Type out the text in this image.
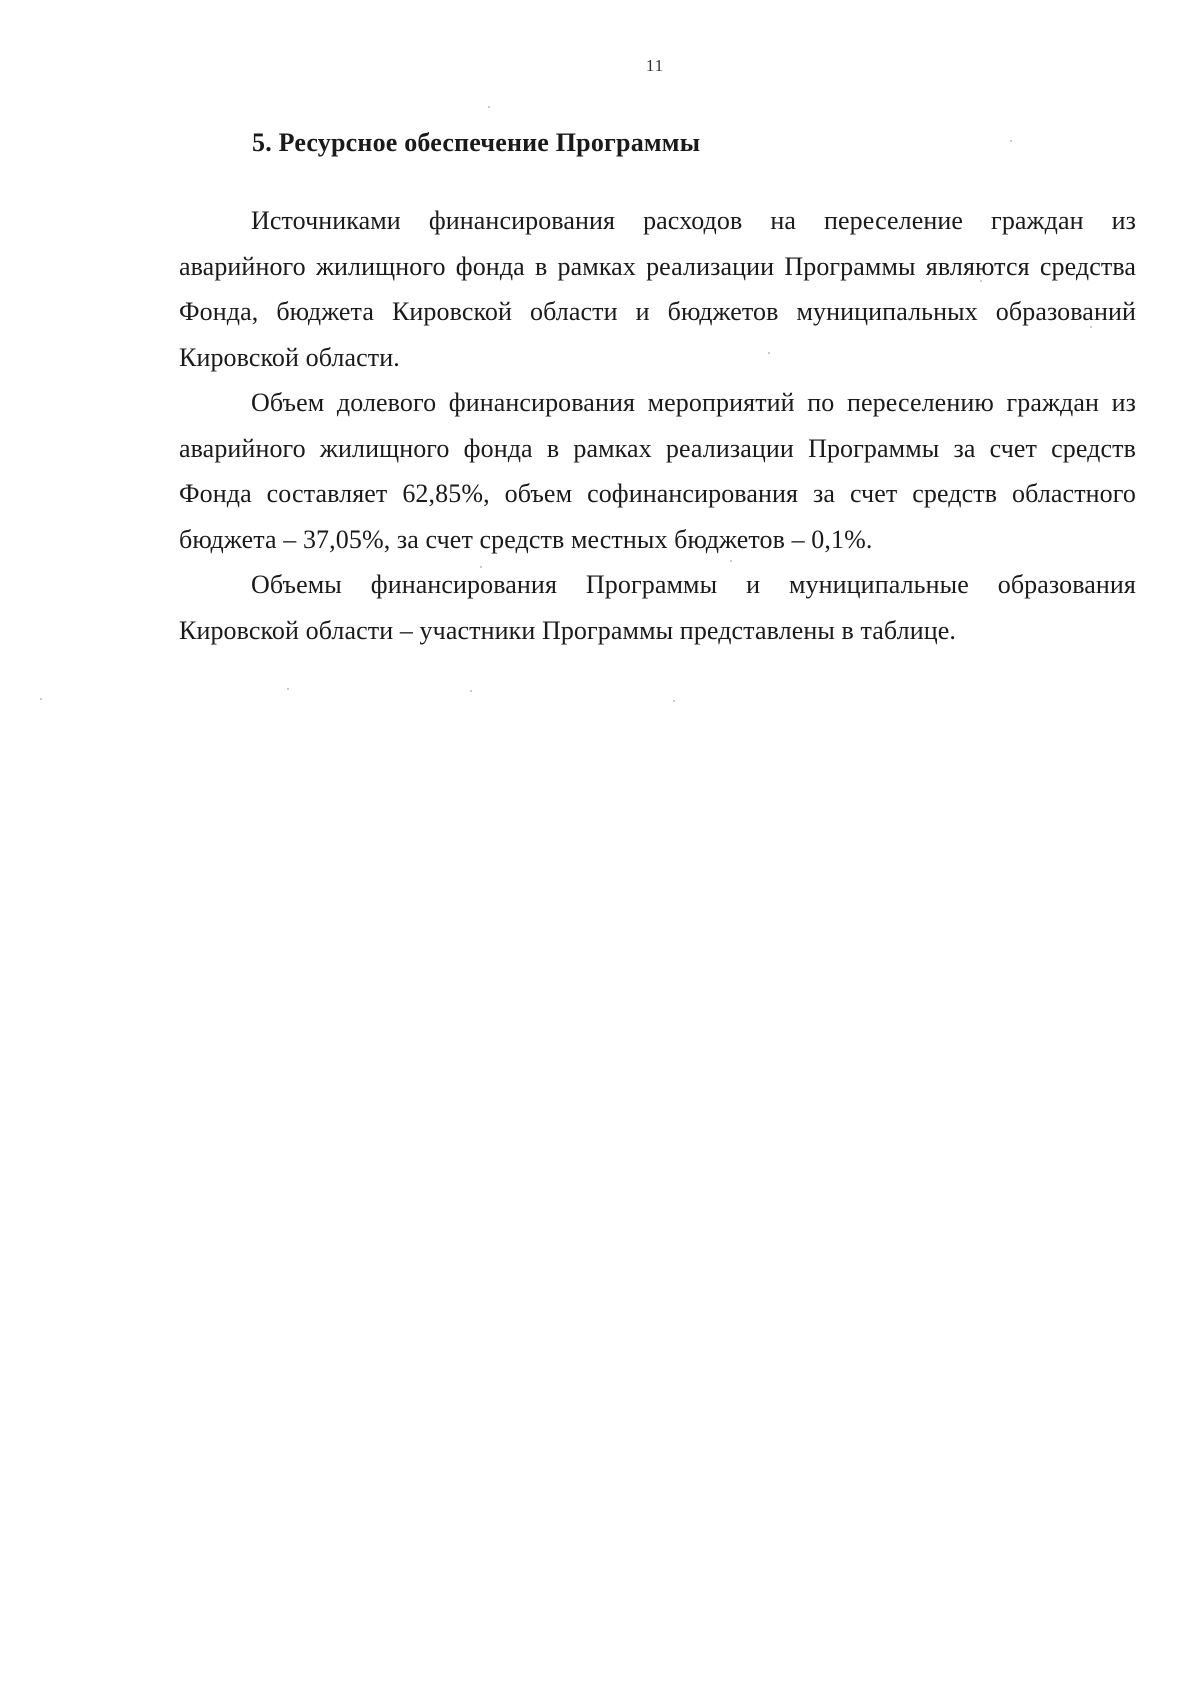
11
5. Ресурсное обеспечение Программы

Источниками финансирования расходов на переселение граждан из аварийного жилищного фонда в рамках реализации Программы являются средства Фонда, бюджета Кировской области и бюджетов муниципальных образований Кировской области.

Объем долевого финансирования мероприятий по переселению граждан из аварийного жилищного фонда в рамках реализации Программы за счет средств Фонда составляет 62,85%, объем софинансирования за счет средств областного бюджета – 37,05%, за счет средств местных бюджетов – 0,1%.

Объемы финансирования Программы и муниципальные образования Кировской области – участники Программы представлены в таблице.
